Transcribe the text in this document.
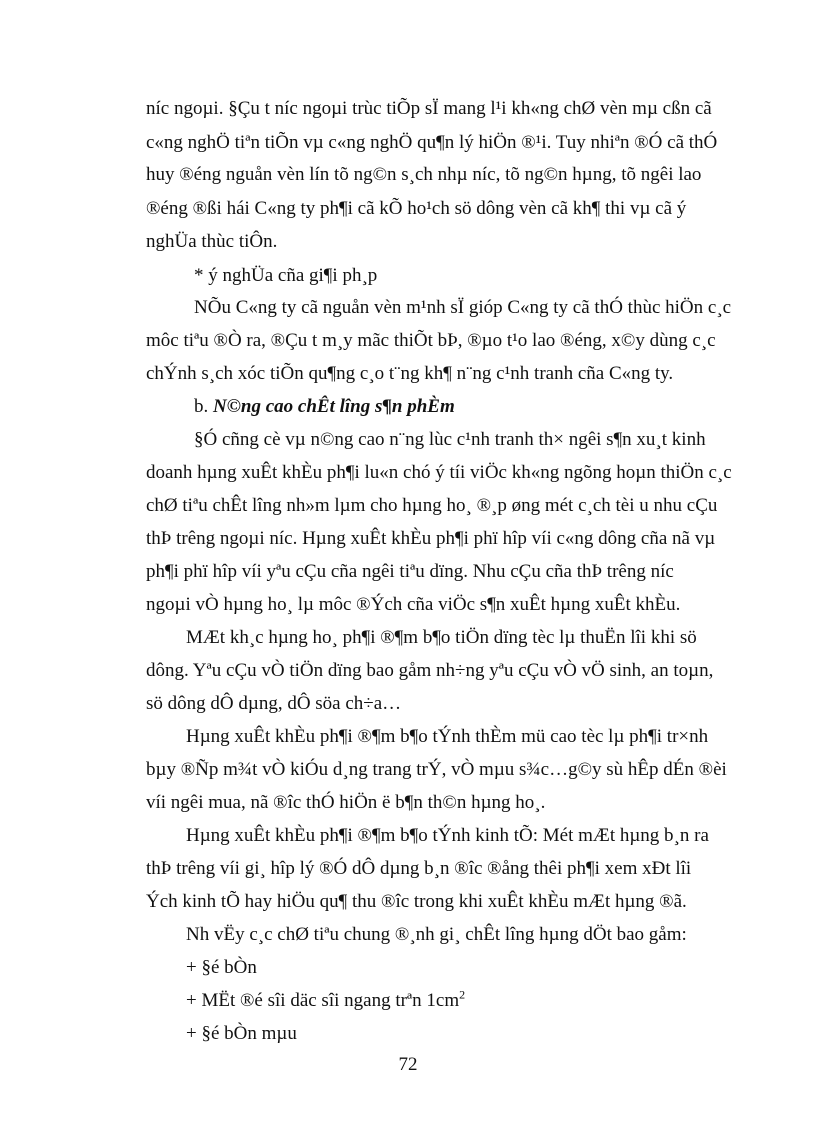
níc ngoµi. §Çu t níc ngoµi trùc tiÕp sÏ mang l¹i kh«ng chØ vèn mµ cßn cã
c«ng nghÖ tiªn tiÕn vµ c«ng nghÖ qu¶n lý hiÖn ®¹i. Tuy nhiªn ®Ó cã thÓ
huy ®éng nguån vèn lín tõ ng©n s¸ch nhµ níc, tõ ng©n hµng, tõ ngêi lao
®éng ®ßi hái C«ng ty ph¶i cã kÕ ho¹ch sö dông vèn cã kh¶ thi vµ cã ý
nghÜa thùc tiÔn.
* ý nghÜa cña gi¶i ph¸p
NÕu C«ng ty cã nguån vèn m¹nh sÏ gióp C«ng ty cã thÓ thùc hiÖn c¸c
môc tiªu ®Ò ra, ®Çu t m¸y mãc thiÕt bÞ, ®µo t¹o lao ®éng, x©y dùng c¸c
chÝnh s¸ch xóc tiÕn qu¶ng c¸o t¨ng kh¶ n¨ng c¹nh tranh cña C«ng ty.
b. N©ng cao chÊt lîng s¶n phÈm
§Ó cñng cè vµ n©ng cao n¨ng lùc c¹nh tranh th× ngêi s¶n xu¸t kinh
doanh hµng xuÊt khÈu ph¶i lu«n chó ý tíi viÖc kh«ng ngõng hoµn thiÖn c¸c
chØ tiªu chÊt lîng nh»m lµm cho hµng ho¸ ®¸p øng mét c¸ch tèi u nhu cÇu
thÞ trêng ngoµi níc. Hµng xuÊt khÈu ph¶i phï hîp víi c«ng dông cña nã vµ
ph¶i phï hîp víi yªu cÇu cña ngêi tiªu dïng. Nhu cÇu cña thÞ trêng níc
ngoµi vÒ hµng ho¸ lµ môc ®Ých cña viÖc s¶n xuÊt hµng xuÊt khÈu.
MÆt kh¸c hµng ho¸ ph¶i ®¶m b¶o tiÖn dïng tèc lµ thuËn lîi khi sö
dông. Yªu cÇu vÒ tiÖn dïng bao gåm nh÷ng yªu cÇu vÒ vÖ sinh, an toµn,
sö dông dÔ dµng, dÔ söa ch÷a…
Hµng xuÊt khÈu ph¶i ®¶m b¶o tÝnh thÈm mü cao tèc lµ ph¶i tr×nh
bµy ®Ñp m¾t vÒ kiÓu d¸ng trang trÝ, vÒ mµu s¾c…g©y sù hÊp dÉn ®èi
víi ngêi mua, nã ®îc thÓ hiÖn ë b¶n th©n hµng ho¸.
Hµng xuÊt khÈu ph¶i ®¶m b¶o tÝnh kinh tÕ: Mét mÆt hµng b¸n ra
thÞ trêng víi gi¸ hîp lý ®Ó dÔ dµng b¸n ®îc ®ång thêi ph¶i xem xÐt lîi
Ých kinh tÕ hay hiÖu qu¶ thu ®îc trong khi xuÊt khÈu mÆt hµng ®ã.
Nh vËy c¸c chØ tiªu chung ®¸nh gi¸ chÊt lîng hµng dÖt bao gåm:
+ §é bÒn
+ MËt ®é sîi däc sîi ngang trªn $1cm^2$
+ §é bÒn mµu
72
